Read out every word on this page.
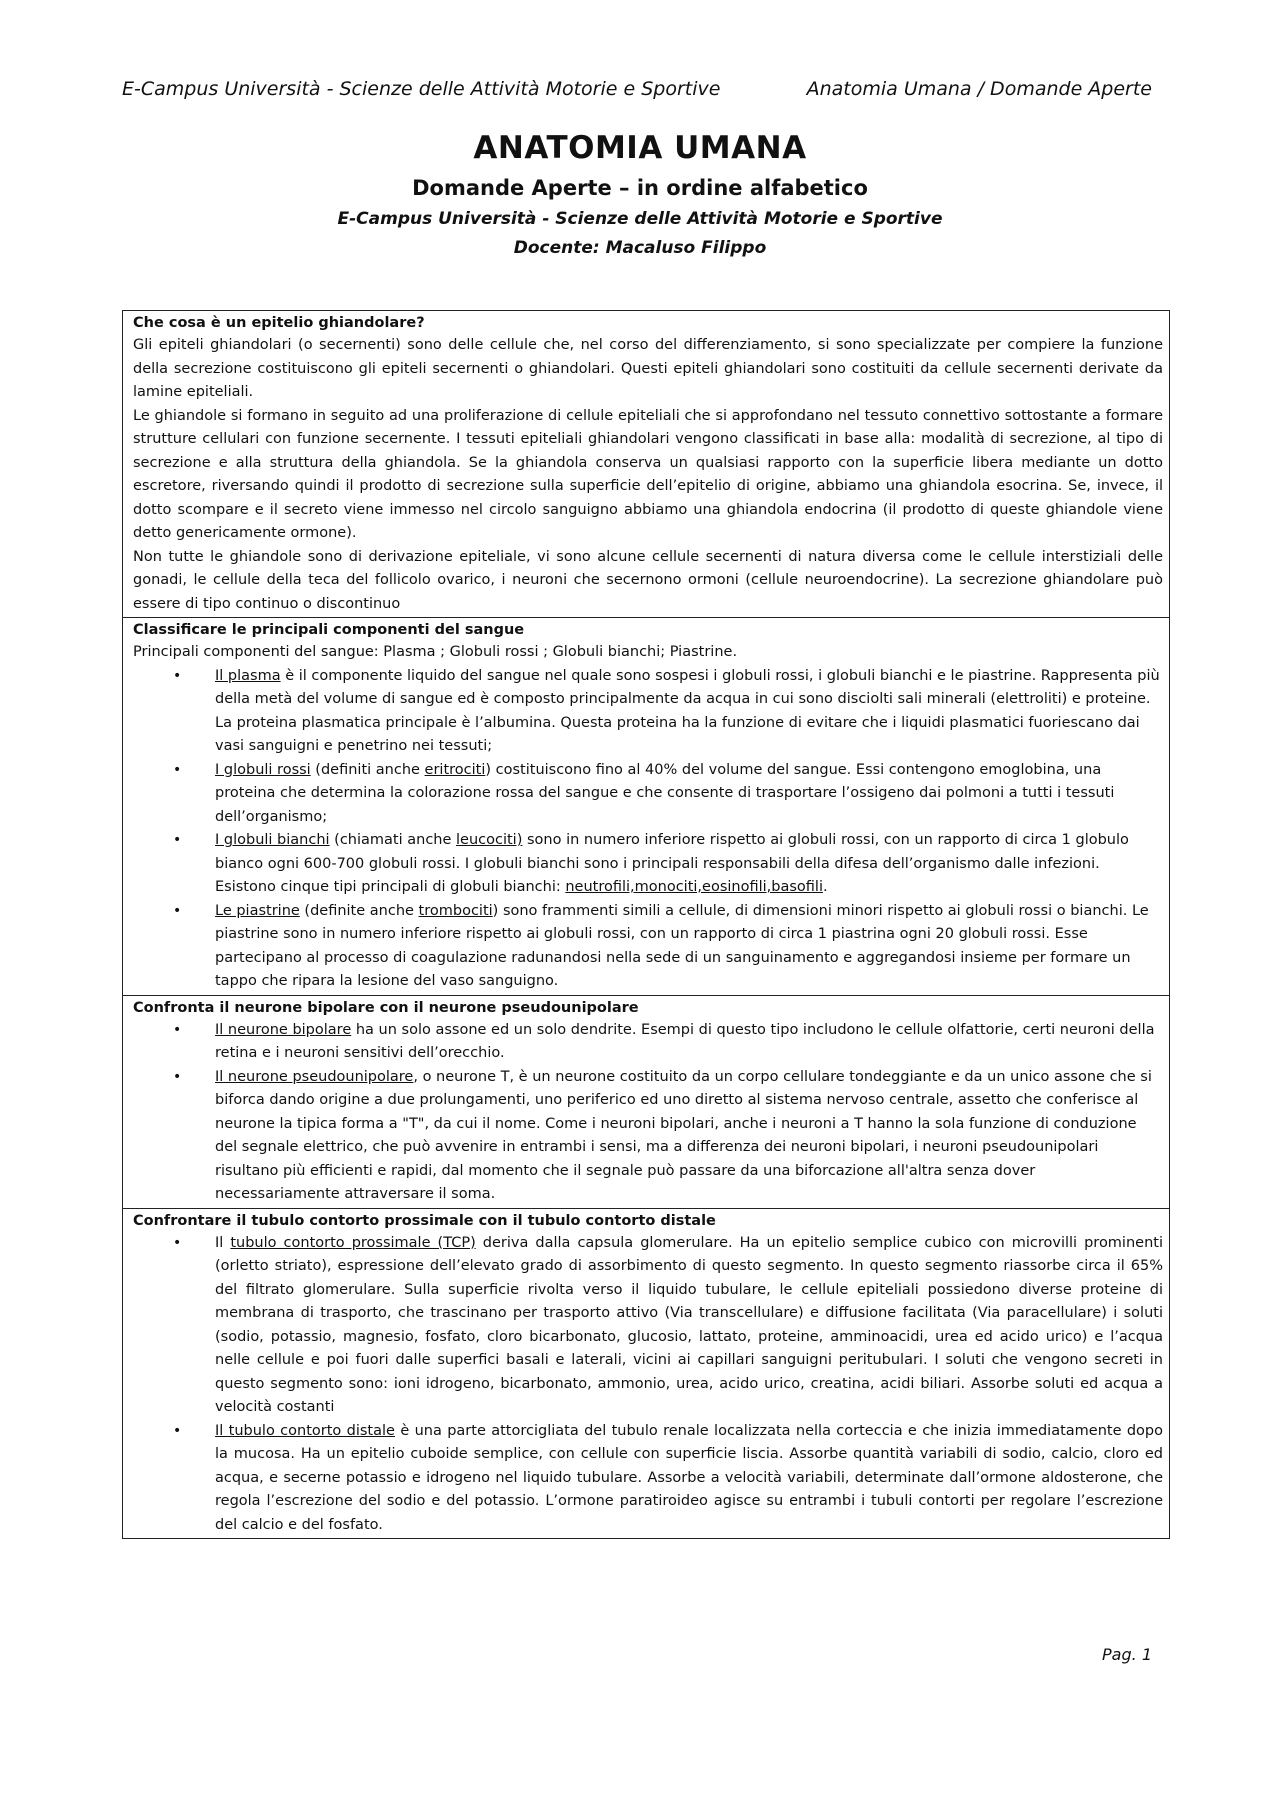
E-Campus Università - Scienze delle Attività Motorie e Sportive	Anatomia Umana / Domande Aperte
ANATOMIA UMANA
Domande Aperte – in ordine alfabetico
E-Campus Università - Scienze delle Attività Motorie e Sportive
Docente: Macaluso Filippo
Che cosa è un epitelio ghiandolare?

Gli epiteli ghiandolari (o secernenti) sono delle cellule che, nel corso del differenziamento, si sono specializzate per compiere la funzione della secrezione costituiscono gli epiteli secernenti o ghiandolari. Questi epiteli ghiandolari sono costituiti da cellule secernenti derivate da lamine epiteliali.

Le ghiandole si formano in seguito ad una proliferazione di cellule epiteliali che si approfondano nel tessuto connettivo sottostante a formare strutture cellulari con funzione secernente. I tessuti epiteliali ghiandolari vengono classificati in base alla: modalità di secrezione, al tipo di secrezione e alla struttura della ghiandola. Se la ghiandola conserva un qualsiasi rapporto con la superficie libera mediante un dotto escretore, riversando quindi il prodotto di secrezione sulla superficie dell’epitelio di origine, abbiamo una ghiandola esocrina. Se, invece, il dotto scompare e il secreto viene immesso nel circolo sanguigno abbiamo una ghiandola endocrina (il prodotto di queste ghiandole viene detto genericamente ormone).

Non tutte le ghiandole sono di derivazione epiteliale, vi sono alcune cellule secernenti di natura diversa come le cellule interstiziali delle gonadi, le cellule della teca del follicolo ovarico, i neuroni che secernono ormoni (cellule neuroendocrine). La secrezione ghiandolare può essere di tipo continuo o discontinuo

Classificare le principali componenti del sangue

Principali componenti del sangue: Plasma ; Globuli rossi ; Globuli bianchi; Piastrine.

• Il plasma è il componente liquido del sangue nel quale sono sospesi i globuli rossi, i globuli bianchi e le piastrine. Rappresenta più della metà del volume di sangue ed è composto principalmente da acqua in cui sono disciolti sali minerali (elettroliti) e proteine. La proteina plasmatica principale è l’albumina. Questa proteina ha la funzione di evitare che i liquidi plasmatici fuoriescano dai vasi sanguigni e penetrino nei tessuti;
• I globuli rossi (definiti anche eritrociti) costituiscono fino al 40% del volume del sangue. Essi contengono emoglobina, una proteina che determina la colorazione rossa del sangue e che consente di trasportare l’ossigeno dai polmoni a tutti i tessuti dell’organismo;
• I globuli bianchi (chiamati anche leucociti) sono in numero inferiore rispetto ai globuli rossi, con un rapporto di circa 1 globulo bianco ogni 600-700 globuli rossi. I globuli bianchi sono i principali responsabili della difesa dell’organismo dalle infezioni. Esistono cinque tipi principali di globuli bianchi: neutrofili,monociti,eosinofili,basofili.
• Le piastrine (definite anche trombociti) sono frammenti simili a cellule, di dimensioni minori rispetto ai globuli rossi o bianchi. Le piastrine sono in numero inferiore rispetto ai globuli rossi, con un rapporto di circa 1 piastrina ogni 20 globuli rossi. Esse partecipano al processo di coagulazione radunandosi nella sede di un sanguinamento e aggregandosi insieme per formare un tappo che ripara la lesione del vaso sanguigno.
Confronta il neurone bipolare con il neurone pseudounipolare
• Il neurone bipolare ha un solo assone ed un solo dendrite. Esempi di questo tipo includono le cellule olfattorie, certi neuroni della retina e i neuroni sensitivi dell’orecchio.
• Il neurone pseudounipolare, o neurone T, è un neurone costituito da un corpo cellulare tondeggiante e da un unico assone che si biforca dando origine a due prolungamenti, uno periferico ed uno diretto al sistema nervoso centrale, assetto che conferisce al neurone la tipica forma a "T", da cui il nome. Come i neuroni bipolari, anche i neuroni a T hanno la sola funzione di conduzione del segnale elettrico, che può avvenire in entrambi i sensi, ma a differenza dei neuroni bipolari, i neuroni pseudounipolari risultano più efficienti e rapidi, dal momento che il segnale può passare da una biforcazione all'altra senza dover necessariamente attraversare il soma.
Confrontare il tubulo contorto prossimale con il tubulo contorto distale
• Il tubulo contorto prossimale (TCP) deriva dalla capsula glomerulare. Ha un epitelio semplice cubico con microvilli prominenti (orletto striato), espressione dell’elevato grado di assorbimento di questo segmento. In questo segmento riassorbe circa il 65% del filtrato glomerulare. Sulla superficie rivolta verso il liquido tubulare, le cellule epiteliali possiedono diverse proteine di membrana di trasporto, che trascinano per trasporto attivo (Via transcellulare) e diffusione facilitata (Via paracellulare) i soluti (sodio, potassio, magnesio, fosfato, cloro bicarbonato, glucosio, lattato, proteine, amminoacidi, urea ed acido urico) e l’acqua nelle cellule e poi fuori dalle superfici basali e laterali, vicini ai capillari sanguigni peritubulari. I soluti che vengono secreti in questo segmento sono: ioni idrogeno, bicarbonato, ammonio, urea, acido urico, creatina, acidi biliari. Assorbe soluti ed acqua a velocità costanti
• Il tubulo contorto distale è una parte attorcigliata del tubulo renale localizzata nella corteccia e che inizia immediatamente dopo la mucosa. Ha un epitelio cuboide semplice, con cellule con superficie liscia. Assorbe quantità variabili di sodio, calcio, cloro ed acqua, e secerne potassio e idrogeno nel liquido tubulare. Assorbe a velocità variabili, determinate dall’ormone aldosterone, che regola l’escrezione del sodio e del potassio. L’ormone paratiroideo agisce su entrambi i tubuli contorti per regolare l’escrezione del calcio e del fosfato.
Pag. 1
